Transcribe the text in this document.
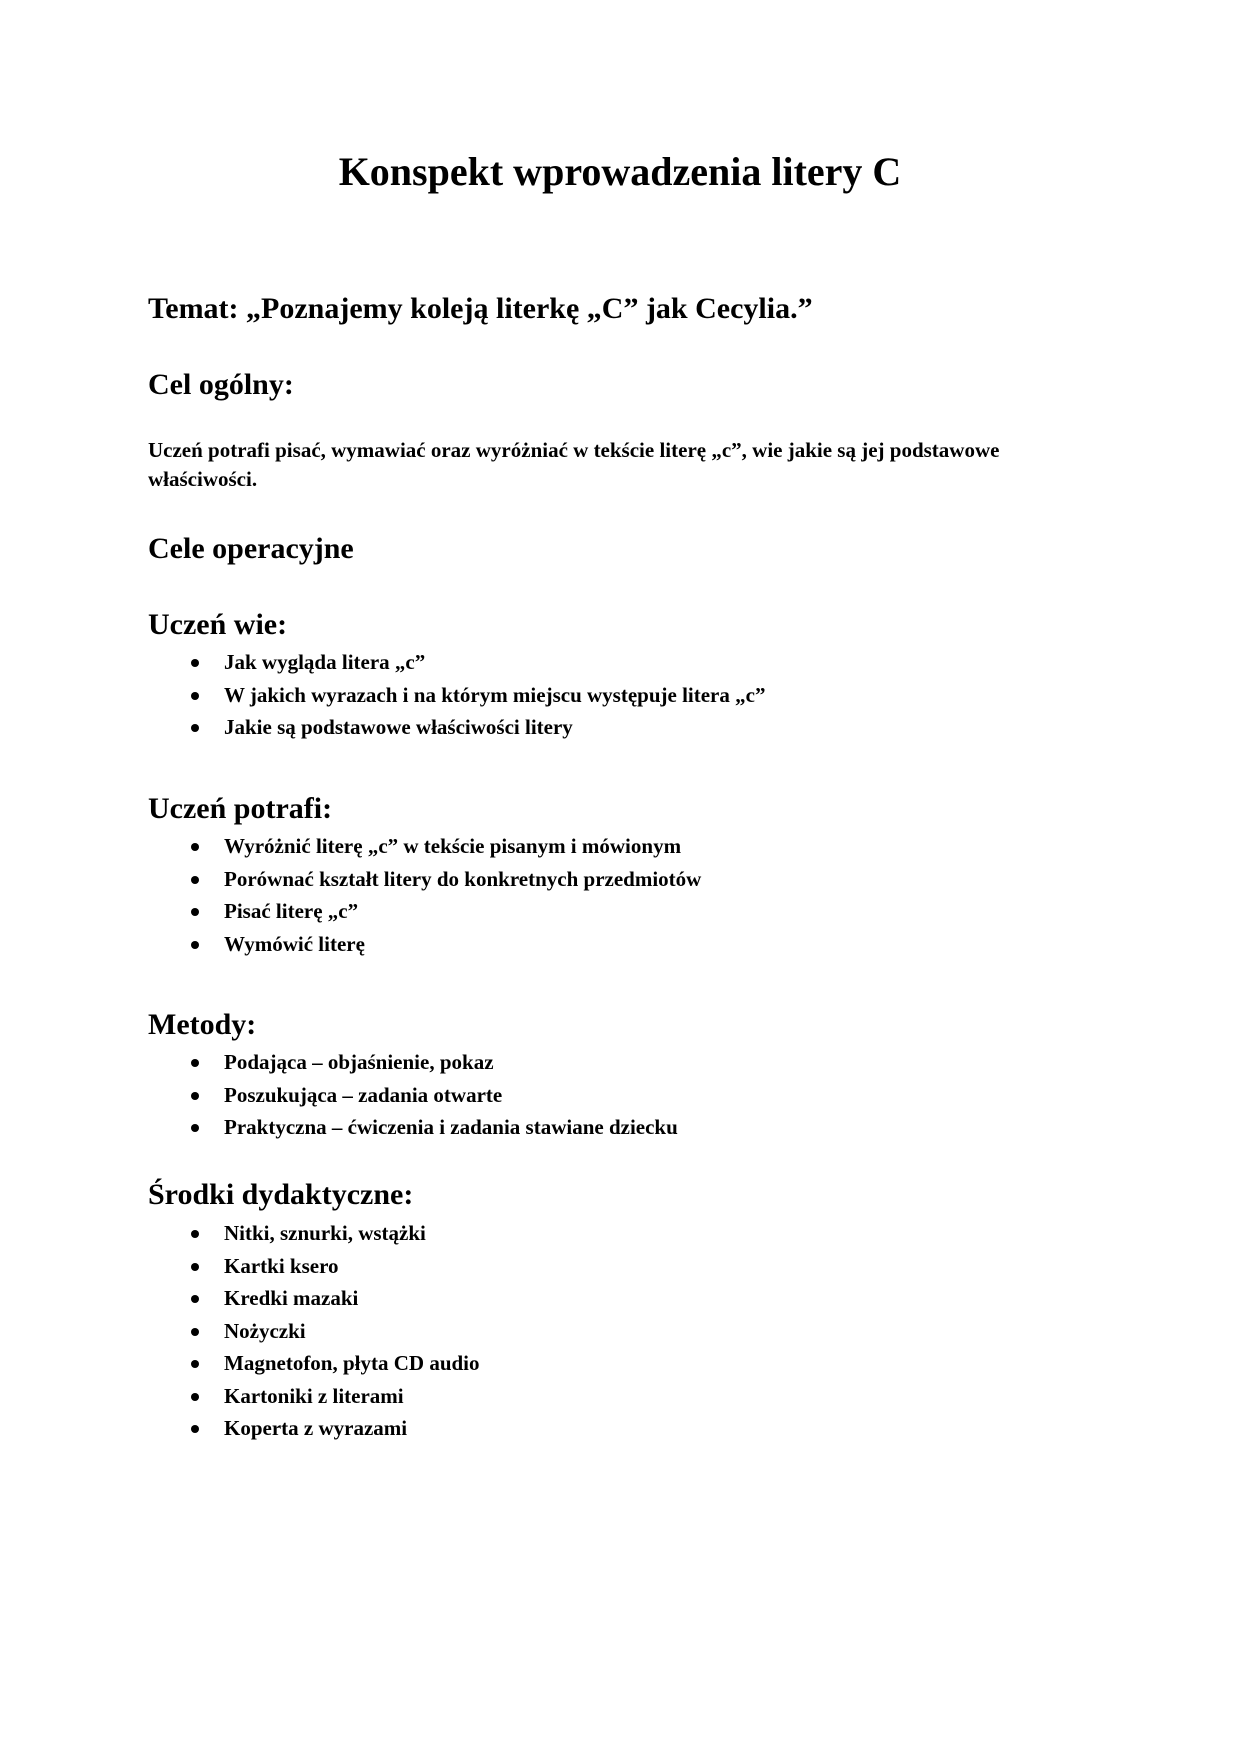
Konspekt wprowadzenia litery C
Temat: „Poznajemy koleją literkę „C” jak Cecylia.”
Cel ogólny:

Uczeń potrafi pisać, wymawiać oraz wyróżniać w tekście literę „c”, wie jakie są jej podstawowe właściwości.

Cele operacyjne
Uczeń wie:
Jak wygląda litera „c”
W jakich wyrazach i na którym miejscu występuje litera „c”
Jakie są podstawowe właściwości litery
Uczeń potrafi:
Wyróżnić literę „c” w tekście pisanym i mówionym
Porównać kształt litery do konkretnych przedmiotów
Pisać literę „c”
Wymówić literę
Metody:
Podająca – objaśnienie, pokaz
Poszukująca – zadania otwarte
Praktyczna – ćwiczenia i zadania stawiane dziecku
Środki dydaktyczne:
Nitki, sznurki, wstążki
Kartki ksero
Kredki mazaki
Nożyczki
Magnetofon, płyta CD audio
Kartoniki z literami
Koperta z wyrazami
